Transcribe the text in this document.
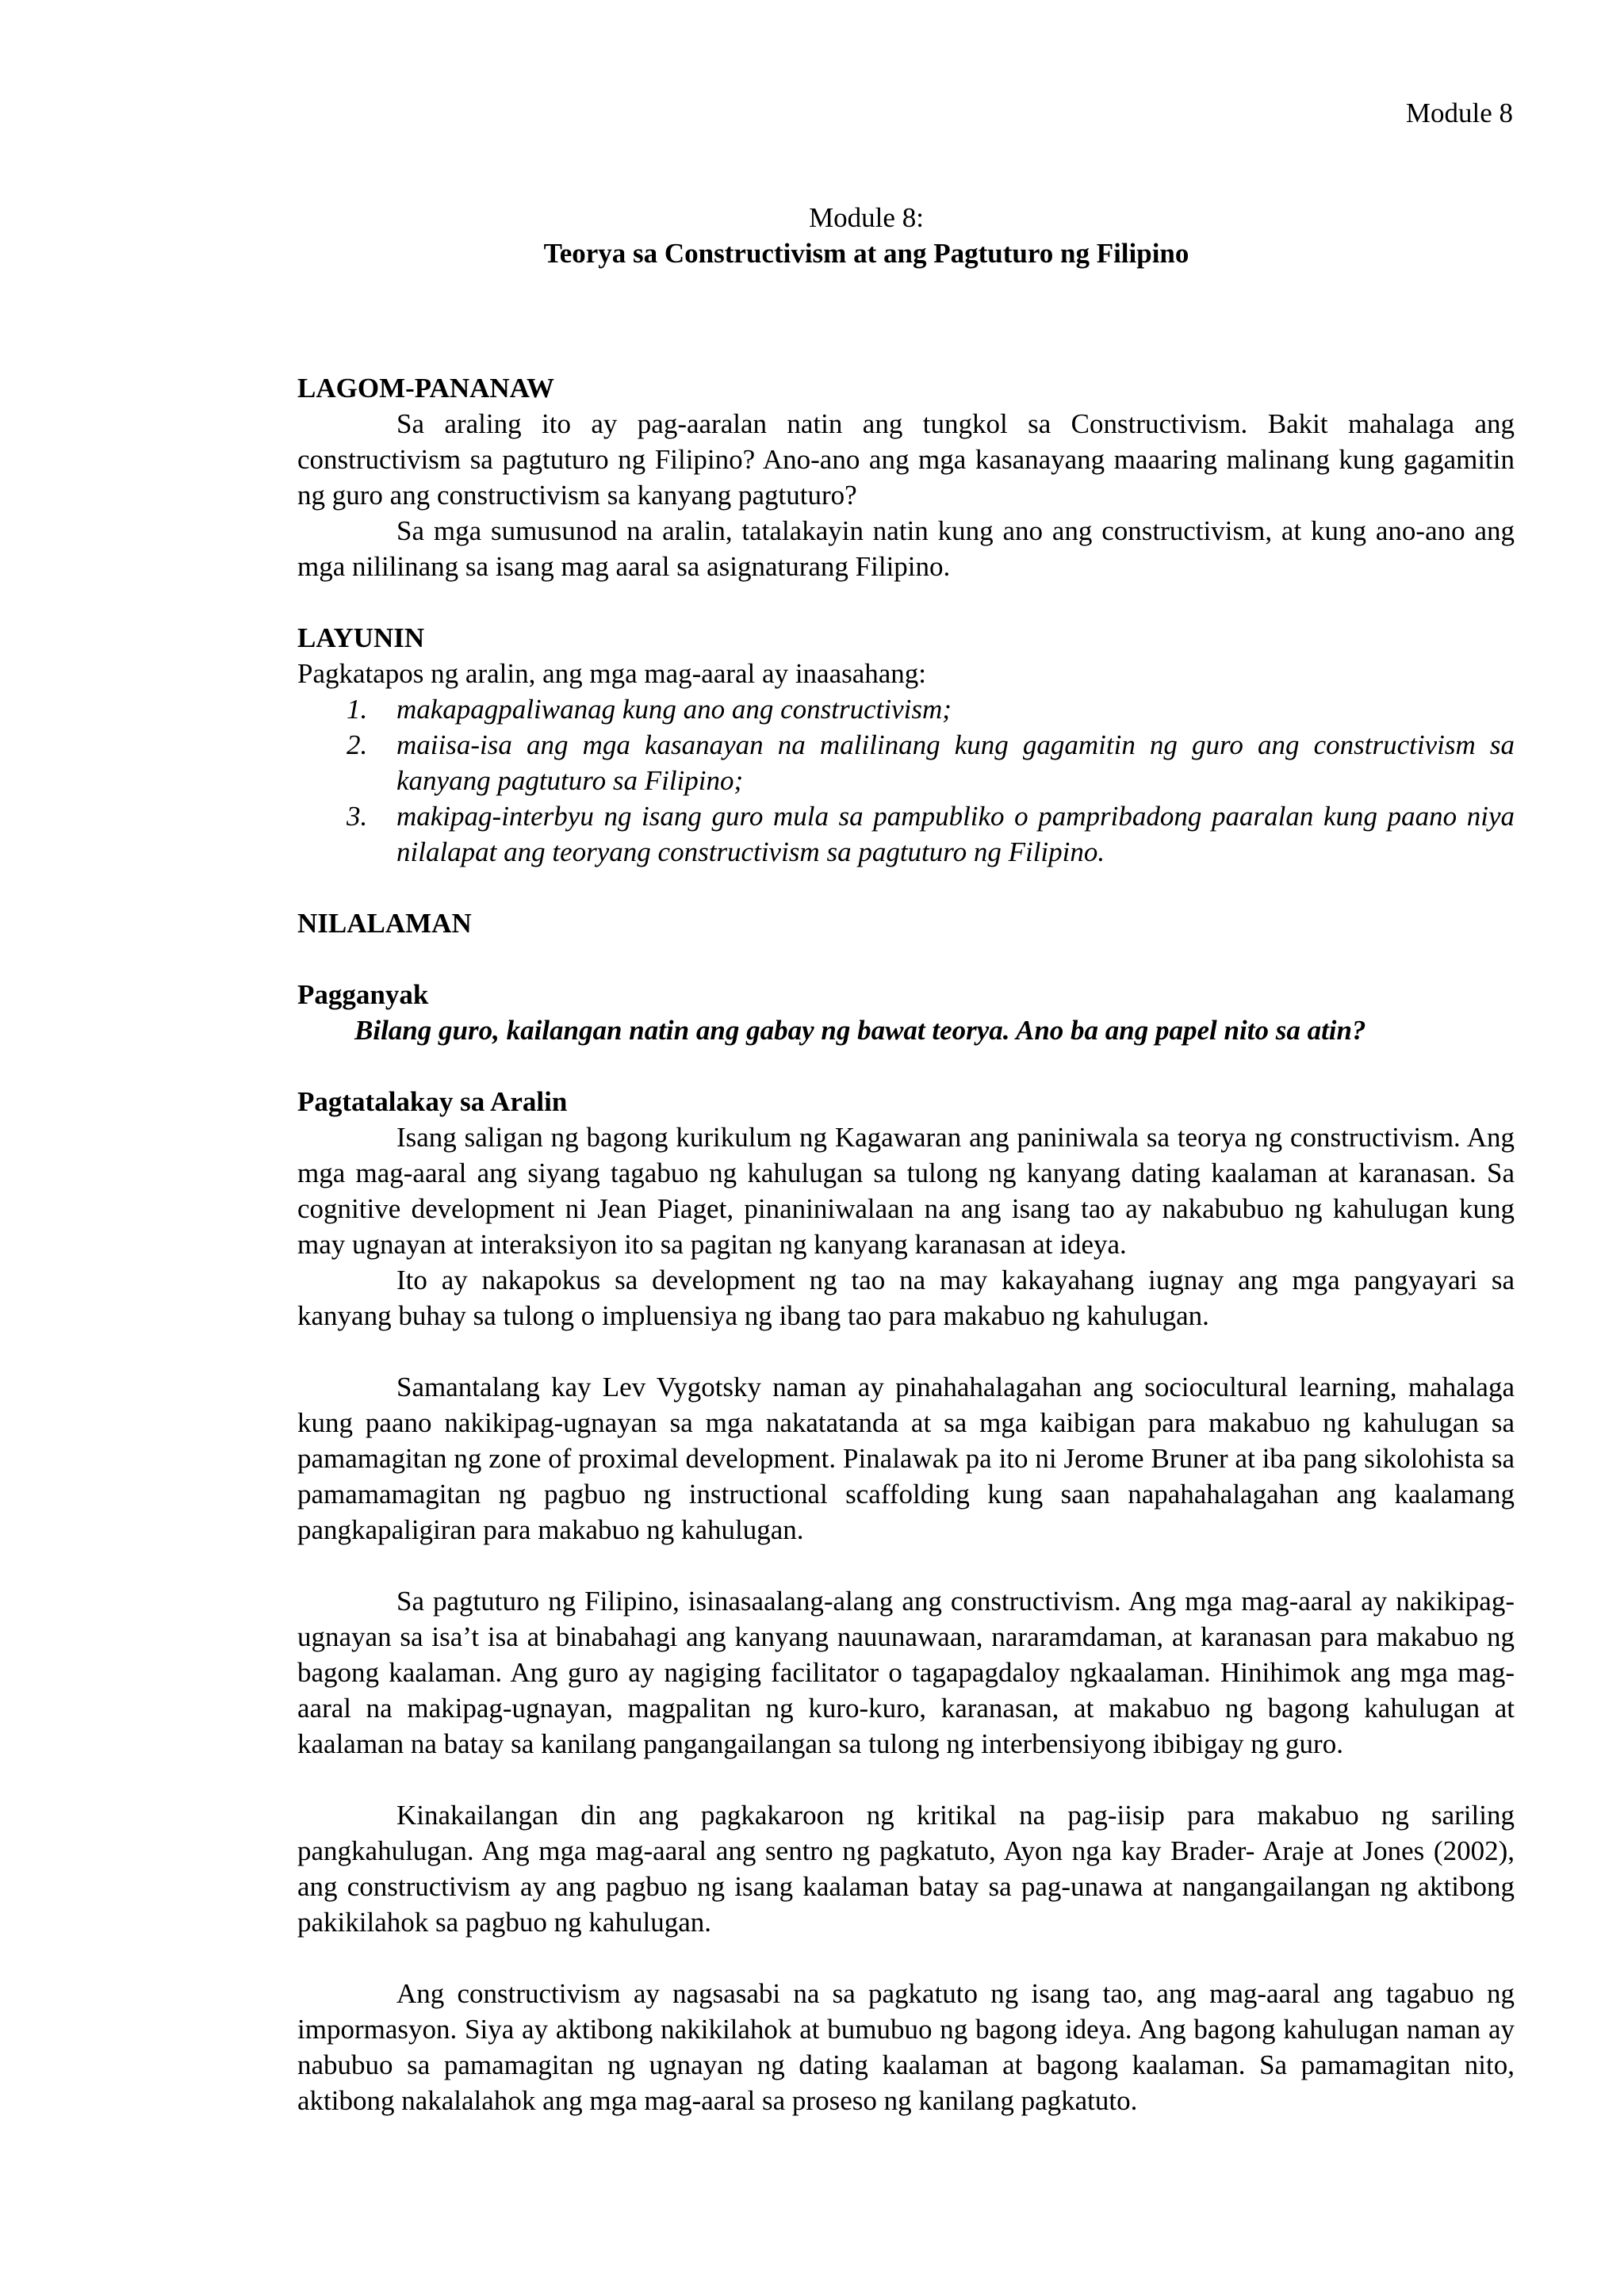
Module 8
Module 8:
Teorya sa Constructivism at ang Pagtuturo ng Filipino
LAGOM-PANANAW

Sa araling ito ay pag-aaralan natin ang tungkol sa Constructivism. Bakit mahalaga ang constructivism sa pagtuturo ng Filipino? Ano-ano ang mga kasanayang maaaring malinang kung gagamitin ng guro ang constructivism sa kanyang pagtuturo?

Sa mga sumusunod na aralin, tatalakayin natin kung ano ang constructivism, at kung ano-ano ang mga nililinang sa isang mag aaral sa asignaturang Filipino.

LAYUNIN

Pagkatapos ng aralin, ang mga mag-aaral ay inaasahang:

1. makapagpaliwanag kung ano ang constructivism;
2. maiisa-isa ang mga kasanayan na malilinang kung gagamitin ng guro ang constructivism sa kanyang pagtuturo sa Filipino;
3. makipag-interbyu ng isang guro mula sa pampubliko o pampribadong paaralan kung paano niya nilalapat ang teoryang constructivism sa pagtuturo ng Filipino.
NILALAMAN
Pagganyak

Bilang guro, kailangan natin ang gabay ng bawat teorya. Ano ba ang papel nito sa atin?

Pagtatalakay sa Aralin

Isang saligan ng bagong kurikulum ng Kagawaran ang paniniwala sa teorya ng constructivism. Ang mga mag-aaral ang siyang tagabuo ng kahulugan sa tulong ng kanyang dating kaalaman at karanasan. Sa cognitive development ni Jean Piaget, pinaniniwalaan na ang isang tao ay nakabubuo ng kahulugan kung may ugnayan at interaksiyon ito sa pagitan ng kanyang karanasan at ideya.

Ito ay nakapokus sa development ng tao na may kakayahang iugnay ang mga pangyayari sa kanyang buhay sa tulong o impluensiya ng ibang tao para makabuo ng kahulugan.

Samantalang kay Lev Vygotsky naman ay pinahahalagahan ang sociocultural learning, mahalaga kung paano nakikipag-ugnayan sa mga nakatatanda at sa mga kaibigan para makabuo ng kahulugan sa pamamagitan ng zone of proximal development. Pinalawak pa ito ni Jerome Bruner at iba pang sikolohista sa pamamamagitan ng pagbuo ng instructional scaffolding kung saan napahahalagahan ang kaalamang pangkapaligiran para makabuo ng kahulugan.

Sa pagtuturo ng Filipino, isinasaalang-alang ang constructivism. Ang mga mag-aaral ay nakikipag-ugnayan sa isa’t isa at binabahagi ang kanyang nauunawaan, nararamdaman, at karanasan para makabuo ng bagong kaalaman. Ang guro ay nagiging facilitator o tagapagdaloy ngkaalaman. Hinihimok ang mga mag-aaral na makipag-ugnayan, magpalitan ng kuro-kuro, karanasan, at makabuo ng bagong kahulugan at kaalaman na batay sa kanilang pangangailangan sa tulong ng interbensiyong ibibigay ng guro.

Kinakailangan din ang pagkakaroon ng kritikal na pag-iisip para makabuo ng sariling pangkahulugan. Ang mga mag-aaral ang sentro ng pagkatuto, Ayon nga kay Brader- Araje at Jones (2002), ang constructivism ay ang pagbuo ng isang kaalaman batay sa pag-unawa at nangangailangan ng aktibong pakikilahok sa pagbuo ng kahulugan.

Ang constructivism ay nagsasabi na sa pagkatuto ng isang tao, ang mag-aaral ang tagabuo ng impormasyon. Siya ay aktibong nakikilahok at bumubuo ng bagong ideya. Ang bagong kahulugan naman ay nabubuo sa pamamagitan ng ugnayan ng dating kaalaman at bagong kaalaman. Sa pamamagitan nito, aktibong nakalalahok ang mga mag-aaral sa proseso ng kanilang pagkatuto.
